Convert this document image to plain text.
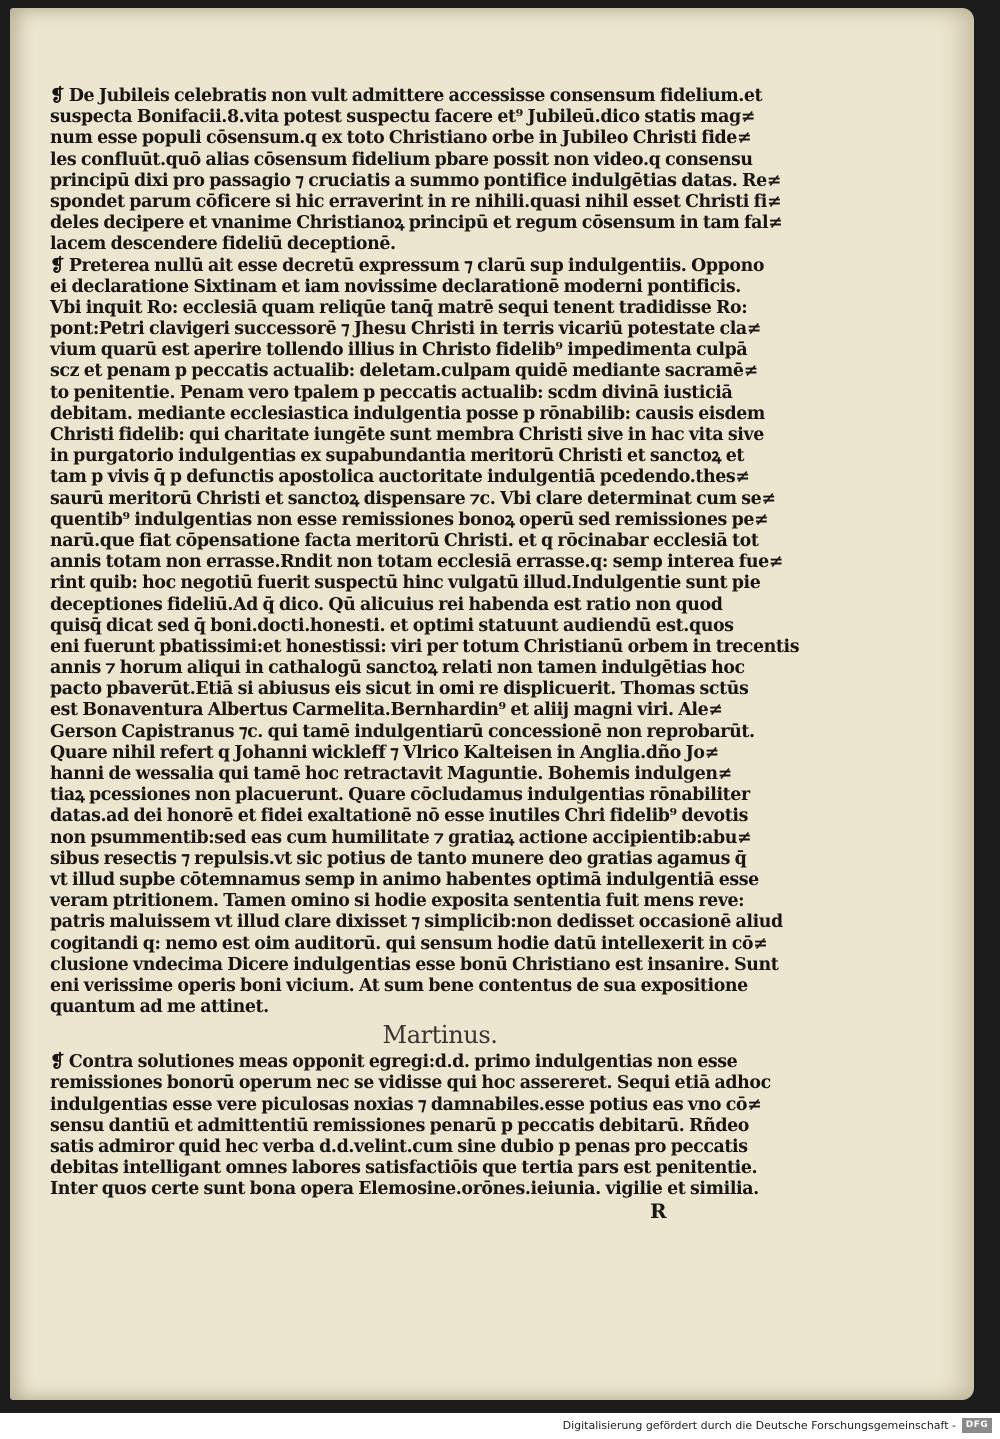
❡ De Jubileis celebratis non vult admittere accessisse consensum fidelium.et
suspecta Bonifacii.8.vita potest suspectu facere et⁹ Jubileū.dico statis mag≠
num esse populi cōsensum.q ex toto Christiano orbe in Jubileo Christi fide≠
les confluūt.quō alias cōsensum fidelium pbare possit non video.q consensu
principū dixi pro passagio ⁊ cruciatis a summo pontifice indulgētias datas. Re≠
spondet parum cōficere si hic erraverint in re nihili.quasi nihil esset Christi fi≠
deles decipere et vnanime Christianoꝝ principū et regum cōsensum in tam fal≠
lacem descendere fideliū deceptionē.
❡ Preterea nullū ait esse decretū expressum ⁊ clarū sup indulgentiis. Oppono
ei declaratione Sixtinam et iam novissime declarationē moderni pontificis.
Vbi inquit Ro: ecclesiā quam reliqūe tanq̄ matrē sequi tenent tradidisse Ro:
pont:Petri clavigeri successorē ⁊ Jhesu Christi in terris vicariū potestate cla≠
vium quarū est aperire tollendo illius in Christo fidelib⁹ impedimenta culpā
scz et penam p peccatis actualib: deletam.culpam quidē mediante sacramē≠
to penitentie. Penam vero tpalem p peccatis actualib: scdm divinā iusticiā
debitam. mediante ecclesiastica indulgentia posse p rōnabilib: causis eisdem
Christi fidelib: qui charitate iungēte sunt membra Christi sive in hac vita sive
in purgatorio indulgentias ex supabundantia meritorū Christi et sanctoꝝ et
tam p vivis q̄ p defunctis apostolica auctoritate indulgentiā pcedendo.thes≠
saurū meritorū Christi et sanctoꝝ dispensare ⁊c. Vbi clare determinat cum se≠
quentib⁹ indulgentias non esse remissiones bonoꝝ operū sed remissiones pe≠
narū.que fiat cōpensatione facta meritorū Christi. et q rōcinabar ecclesiā tot
annis totam non errasse.Rndit non totam ecclesiā errasse.q: semp interea fue≠
rint quib: hoc negotiū fuerit suspectū hinc vulgatū illud.Indulgentie sunt pie
deceptiones fideliū.Ad q̄ dico. Qū alicuius rei habenda est ratio non quod
quisq̄ dicat sed q̄ boni.docti.honesti. et optimi statuunt audiendū est.quos
eni fuerunt pbatissimi:et honestissi: viri per totum Christianū orbem in trecentis
annis ⁊ horum aliqui in cathalogū sanctoꝝ relati non tamen indulgētias hoc
pacto pbaverūt.Etiā si abiusus eis sicut in omi re displicuerit. Thomas sctūs
est Bonaventura Albertus Carmelita.Bernhardin⁹ et aliij magni viri. Ale≠
Gerson Capistranus ⁊c. qui tamē indulgentiarū concessionē non reprobarūt.
Quare nihil refert q Johanni wickleff ⁊ Vlrico Kalteisen in Anglia.dño Jo≠
hanni de wessalia qui tamē hoc retractavit Maguntie. Bohemis indulgen≠
tiaꝝ pcessiones non placuerunt. Quare cōcludamus indulgentias rōnabiliter
datas.ad dei honorē et fidei exaltationē nō esse inutiles Chri fidelib⁹ devotis
non psummentib:sed eas cum humilitate ⁊ gratiaꝝ actione accipientib:abu≠
sibus resectis ⁊ repulsis.vt sic potius de tanto munere deo gratias agamus q̄
vt illud supbe cōtemnamus semp in animo habentes optimā indulgentiā esse
veram ptritionem. Tamen omino si hodie exposita sententia fuit mens reve:
patris maluissem vt illud clare dixisset ⁊ simplicib:non dedisset occasionē aliud
cogitandi q: nemo est oim auditorū. qui sensum hodie datū intellexerit in cō≠
clusione vndecima Dicere indulgentias esse bonū Christiano est insanire. Sunt
eni verissime operis boni vicium. At sum bene contentus de sua expositione
quantum ad me attinet.
Martinus.
❡ Contra solutiones meas opponit egregi:d.d. primo indulgentias non esse
remissiones bonorū operum nec se vidisse qui hoc assereret. Sequi etiā adhoc
indulgentias esse vere piculosas noxias ⁊ damnabiles.esse potius eas vno cō≠
sensu dantiū et admittentiū remissiones penarū p peccatis debitarū. Rñdeo
satis admiror quid hec verba d.d.velint.cum sine dubio p penas pro peccatis
debitas intelligant omnes labores satisfactiōis que tertia pars est penitentie.
Inter quos certe sunt bona opera Elemosine.orōnes.ieiunia. vigilie et similia.
R
Digitalisierung gefördert durch die Deutsche Forschungsgemeinschaft -	DFG
